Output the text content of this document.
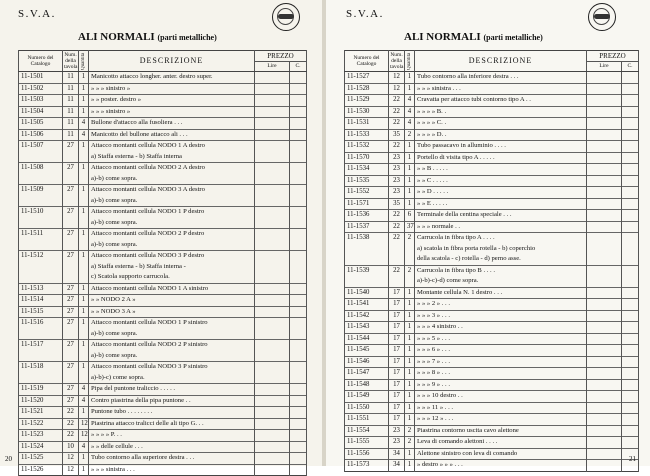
S.V.A.
ALI NORMALI (parti metalliche)
Numero del Catalogo	Num. della tavola	Quantità	DESCRIZIONE	PREZZO	
				Lire	C.
11-1501	11	1	Manicotto attacco longher. anter. destro super.		
11-1502	11	1	» » » sinistro »		
11-1503	11	1	» » poster. destro »		
11-1504	11	1	» » » sinistro »		
11-1505	11	4	Bullone d'attacco alla fusoliera . . .		
11-1506	11	4	Manicotto del bullone attacco ali . . .		
11-1507	27	1	Attacco montanti cellula NODO 1 A destro		
			a) Staffa esterna - b) Staffa interna		
11-1508	27	1	Attacco montanti cellula NODO 2 A destro		
			a)-b) come sopra.		
11-1509	27	1	Attacco montanti cellula NODO 3 A destro		
			a)-b) come sopra.		
11-1510	27	1	Attacco montanti cellula NODO 1 P destro		
			a)-b) come sopra.		
11-1511	27	1	Attacco montanti cellula NODO 2 P destro		
			a)-b) come sopra.		
11-1512	27	1	Attacco montanti cellula NODO 3 P destro		
			a) Staffa esterna - b) Staffa interna -		
			c) Scatola supporto carrucola.		
11-1513	27	1	Attacco montanti cellula NODO 1 A sinistro		
11-1514	27	1	» » NODO 2 A »		
11-1515	27	1	» » NODO 3 A »		
11-1516	27	1	Attacco montanti cellula NODO 1 P sinistro		
			a)-b) come sopra.		
11-1517	27	1	Attacco montanti cellula NODO 2 P sinistro		
			a)-b) come sopra.		
11-1518	27	1	Attacco montanti cellula NODO 3 P sinistro		
			a)-b)-c) come sopra.		
11-1519	27	4	Pipa del puntone traliccio . . . . .		
11-1520	27	4	Contro piastrina della pipa puntone . .		
11-1521	22	1	Puntone tubo . . . . . . . .		
11-1522	22	12	Piastrina attacco tralicci delle ali tipo G. . .		
11-1523	22	12	» » » » P. . .		
11-1524	10	4	» » delle cellule . . .		
11-1525	12	1	Tubo contorno alla superiore destra . . .		
11-1526	12	1	» » » sinistra . . .		
20
S.V.A.
ALI NORMALI (parti metalliche)
Numero del Catalogo	Num. della tavola	Quantità	DESCRIZIONE	PREZZO	
				Lire	C.
11-1527	12	1	Tubo contorno alla inferiore destra . . .		
11-1528	12	1	» » » sinistra . . .		
11-1529	22	4	Cravatta per attacco tubi contorno tipo A . .		
11-1530	22	4	» » » » B. .		
11-1531	22	4	» » » » C. .		
11-1533	35	2	» » » » D. .		
11-1532	22	1	Tubo passacavo in alluminio . . . .		
11-1570	23	1	Portello di visita tipo A . . . . .		
11-1534	23	1	» » B . . . . .		
11-1535	23	1	» » C . . . . .		
11-1552	23	1	» » D . . . . .		
11-1571	35	1	» » E . . . . .		
11-1536	22	6	Terminale della centina speciale . . .		
11-1537	22	37	» » » normale . .		
11-1538	22	2	Carrucola in fibra tipo A . . . .		
			a) scatola in fibra porta rotella - b) coperchio		
			della scatola - c) rotella - d) perno asse.		
11-1539	22	2	Carrucola in fibra tipo B . . . .		
			a)-b)-c)-d) come sopra.		
11-1540	17	1	Montante cellula N. 1 destro . . .		
11-1541	17	1	» » » 2 » . . .		
11-1542	17	1	» » » 3 » . . .		
11-1543	17	1	» » » 4 sinistro . .		
11-1544	17	1	» » » 5 » . . .		
11-1545	17	1	» » » 6 » . . .		
11-1546	17	1	» » » 7 » . . .		
11-1547	17	1	» » » 8 » . . .		
11-1548	17	1	» » » 9 » . . .		
11-1549	17	1	» » » 10 destro . .		
11-1550	17	1	» » » 11 » . . .		
11-1551	17	1	» » » 12 » . . .		
11-1554	23	2	Piastrina contorno uscita cavo alettone		
11-1555	23	2	Leva di comando alettoni . . . .		
11-1556	34	1	Alettone sinistro con leva di comando		
11-1573	34	1	» destro » » » . . .		
21
